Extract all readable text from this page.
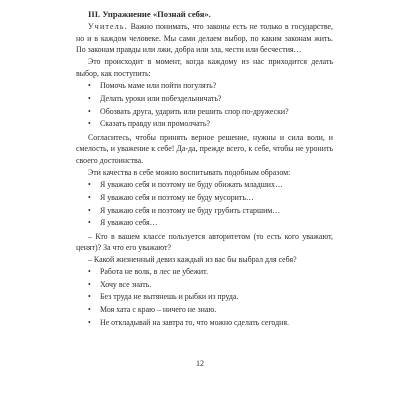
III. Упражнение «Познай себя».

Учитель. Важно понимать, что законы есть не только в государстве, но и в каждом человеке. Мы сами делаем выбор, по каким законам жить. По законам правды или лжи, добра или зла, чести или бесчестия…

Это происходит в момент, когда каждому из нас приходится делать выбор, как поступить:

• Помочь маме или пойти погулять?
• Делать уроки или побездельничать?
• Обозвать друга, ударить или решить спор по-дружески?
• Сказать правду или промолчать?

Согласитесь, чтобы принять верное решение, нужны и сила воли, и смелость, и уважение к себе! Да-да, прежде всего, к себе, чтобы не уронить своего достоинства.

Эти качества в себе можно воспитывать подобным образом:

• Я уважаю себя и поэтому не буду обижать младших…
• Я уважаю себя и поэтому не буду мусорить…
• Я уважаю себя и поэтому не буду грубить старшим…
• Я уважаю себя…

– Кто в вашем классе пользуется авторитетом (то есть кого уважают, ценят)? За что его уважают?

– Какой жизненный девиз каждый из вас бы выбрал для себя?

• Работа не волк, в лес не убежит.
• Хочу все знать.
• Без труда не вытянешь и рыбки из пруда.
• Моя хата с краю – ничего не знаю.
• Не откладывай на завтра то, что можно сделать сегодня.
12
